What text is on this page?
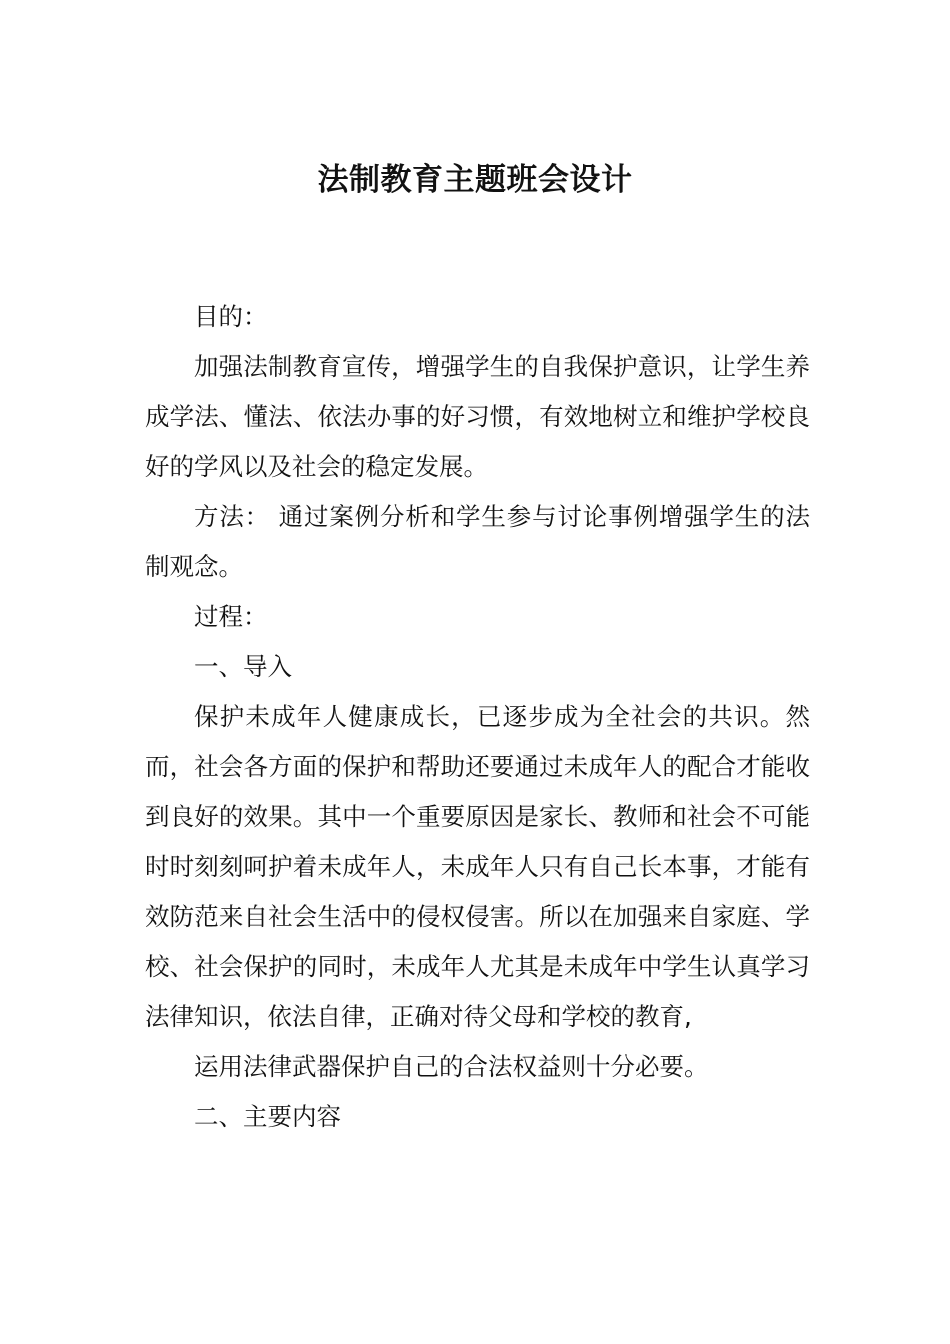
法制教育主题班会设计

目的：

加强法制教育宣传，增强学生的自我保护意识，让学生养成学法、懂法、依法办事的好习惯，有效地树立和维护学校良好的学风以及社会的稳定发展。

方法： 通过案例分析和学生参与讨论事例增强学生的法制观念。

过程：

一、导入

保护未成年人健康成长，已逐步成为全社会的共识。然而，社会各方面的保护和帮助还要通过未成年人的配合才能收到良好的效果。其中一个重要原因是家长、教师和社会不可能时时刻刻呵护着未成年人，未成年人只有自己长本事，才能有效防范来自社会生活中的侵权侵害。所以在加强来自家庭、学校、社会保护的同时，未成年人尤其是未成年中学生认真学习法律知识，依法自律，正确对待父母和学校的教育,

运用法律武器保护自己的合法权益则十分必要。

二、主要内容
